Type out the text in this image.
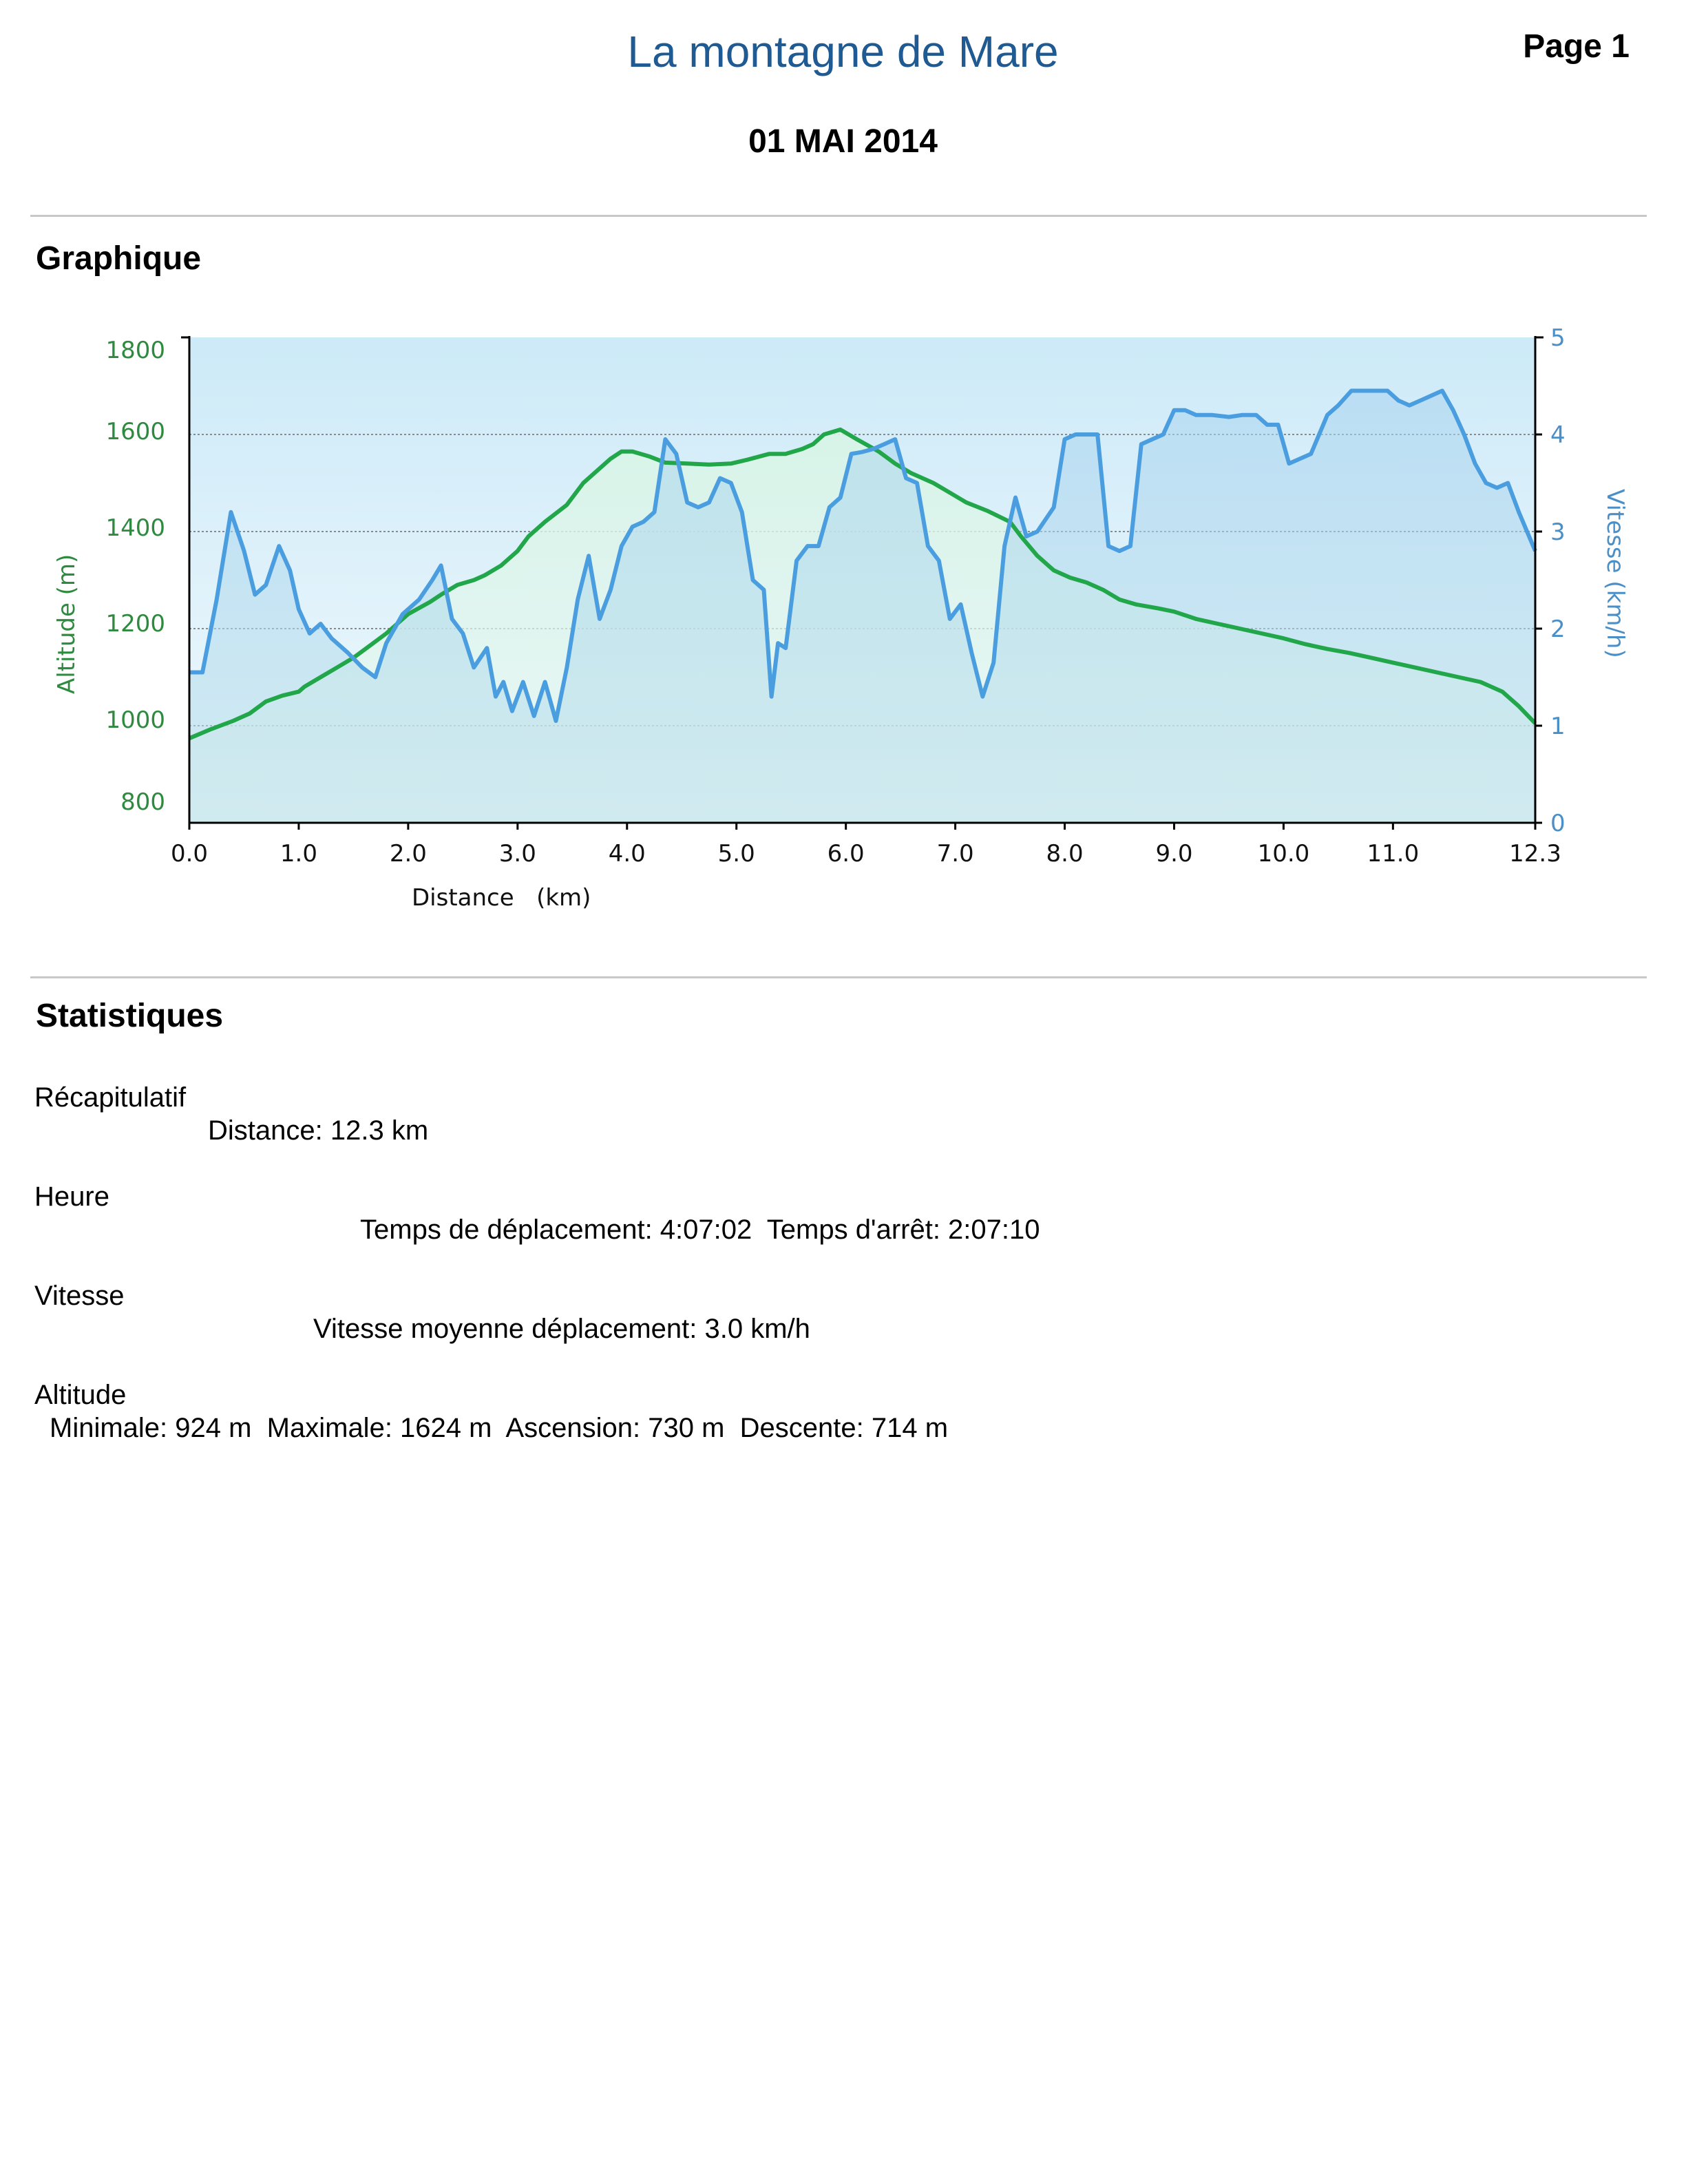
La montagne de Mare	Page 1
01 MAI 2014
Graphique
0.0	1.0	2.0	3.0	4.0	5.0	6.0	7.0	8.0	9.0	10.0 11.0	12.3
800
1000
1200
1400
1600
1800
0
1
2
3
4
5
Distance   (km)
Altitude (m)	Vitesse (km/h)
Statistiques
Récapitulatif
Distance: 12.3 km
Heure
Temps de déplacement: 4:07:02  Temps d'arrêt: 2:07:10
Vitesse
Vitesse moyenne déplacement: 3.0 km/h
Altitude
Minimale: 924 m  Maximale: 1624 m  Ascension: 730 m  Descente: 714 m
